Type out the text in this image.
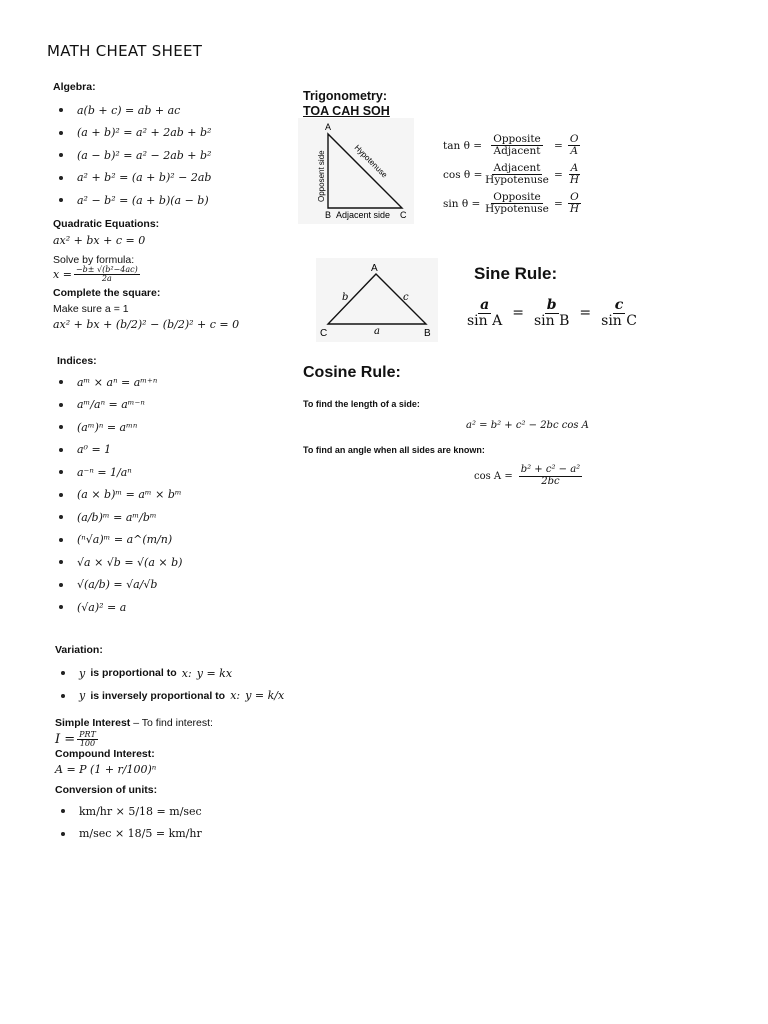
MATH CHEAT SHEET
Algebra:
a(b + c) = ab + ac
(a + b)² = a² + 2ab + b²
(a − b)² = a² − 2ab + b²
a² + b² = (a + b)² − 2ab
a² − b² = (a + b)(a − b)
Quadratic Equations:
ax² + bx + c = 0
Solve by formula:
$x = \frac{\text{−b± √(b²−4ac)}}{2a}$
Complete the square:
Make sure a = 1
ax² + bx + (b/2)² − (b/2)² + c = 0
Indices:
aᵐ × aⁿ = aᵐ⁺ⁿ
aᵐ/aⁿ = aᵐ⁻ⁿ
(aᵐ)ⁿ = aᵐⁿ
a⁰ = 1
a⁻ⁿ = 1/aⁿ
(a × b)ᵐ = aᵐ × bᵐ
(a/b)ᵐ = aᵐ/bᵐ
(ⁿ√a)ᵐ = a^(m/n)
√a × √b = √(a × b)
√(a/b) = √a/√b
(√a)² = a
Variation:
y
is proportional to
x:
y = kx
y
is inversely proportional to
x:
y = k/x
Simple Interest – To find interest:
$I = \frac{\text{PRT}}{100}$
Compound Interest:
A = P (1 + r/100)ⁿ
Conversion of units:
km/hr × 5/18 = m/sec
m/sec × 18/5 = km/hr
Trigonometry:
TOA CAH SOH
A
B	C
Opposent side	Hypotenuse
Adjacent side
$\tan \theta = \frac{\text{Opposite}}{\text{Adjacent}} = \frac{O}{A}$
$\cos \theta = \frac{\text{Adjacent}}{\text{Hypotenuse}} = \frac{A}{H}$
$\sin \theta = \frac{\text{Opposite}}{\text{Hypotenuse}} = \frac{O}{H}$
A
C	B
b	c
a
Sine Rule:
$\frac{a}{\text{sin A}} = \frac{b}{\text{sin B}} = \frac{c}{\text{sin C}}$
Cosine Rule:
To find the length of a side:
a² = b² + c² − 2bc cos A
To find an angle when all sides are known:
$\cos A = \frac{\text{b² + c² − a²}}{2bc}$
